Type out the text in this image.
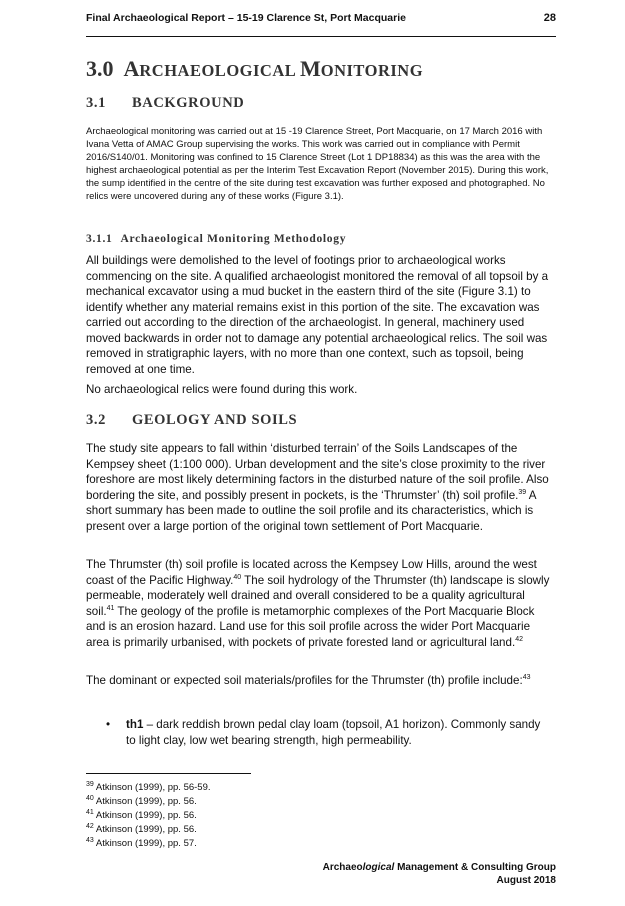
Final Archaeological Report – 15-19 Clarence St, Port Macquarie	28
3.0 ARCHAEOLOGICAL MONITORING
3.1 BACKGROUND
Archaeological monitoring was carried out at 15 -19 Clarence Street, Port Macquarie, on 17 March 2016 with Ivana Vetta of AMAC Group supervising the works. This work was carried out in compliance with Permit 2016/S140/01. Monitoring was confined to 15 Clarence Street (Lot 1 DP18834) as this was the area with the highest archaeological potential as per the Interim Test Excavation Report (November 2015). During this work, the sump identified in the centre of the site during test excavation was further exposed and photographed. No relics were uncovered during any of these works (Figure 3.1).
3.1.1 Archaeological Monitoring Methodology
All buildings were demolished to the level of footings prior to archaeological works commencing on the site. A qualified archaeologist monitored the removal of all topsoil by a mechanical excavator using a mud bucket in the eastern third of the site (Figure 3.1) to identify whether any material remains exist in this portion of the site. The excavation was carried out according to the direction of the archaeologist. In general, machinery used moved backwards in order not to damage any potential archaeological relics. The soil was removed in stratigraphic layers, with no more than one context, such as topsoil, being removed at one time.
No archaeological relics were found during this work.
3.2 GEOLOGY AND SOILS
The study site appears to fall within ‘disturbed terrain’ of the Soils Landscapes of the Kempsey sheet (1:100 000). Urban development and the site’s close proximity to the river foreshore are most likely determining factors in the disturbed nature of the soil profile. Also bordering the site, and possibly present in pockets, is the ‘Thrumster’ (th) soil profile.$^{39}$ A short summary has been made to outline the soil profile and its characteristics, which is present over a large portion of the original town settlement of Port Macquarie.
The Thrumster (th) soil profile is located across the Kempsey Low Hills, around the west coast of the Pacific Highway.$^{40}$ The soil hydrology of the Thrumster (th) landscape is slowly permeable, moderately well drained and overall considered to be a quality agricultural soil.$^{41}$ The geology of the profile is metamorphic complexes of the Port Macquarie Block and is an erosion hazard. Land use for this soil profile across the wider Port Macquarie area is primarily urbanised, with pockets of private forested land or agricultural land.$^{42}$
The dominant or expected soil materials/profiles for the Thrumster (th) profile include:$^{43}$
• th1 – dark reddish brown pedal clay loam (topsoil, A1 horizon). Commonly sandy to light clay, low wet bearing strength, high permeability.
$^{39}$ Atkinson (1999), pp. 56-59.
$^{40}$ Atkinson (1999), pp. 56.
$^{41}$ Atkinson (1999), pp. 56.
$^{42}$ Atkinson (1999), pp. 56.
$^{43}$ Atkinson (1999), pp. 57.
Archaeological Management & Consulting Group
August 2018
